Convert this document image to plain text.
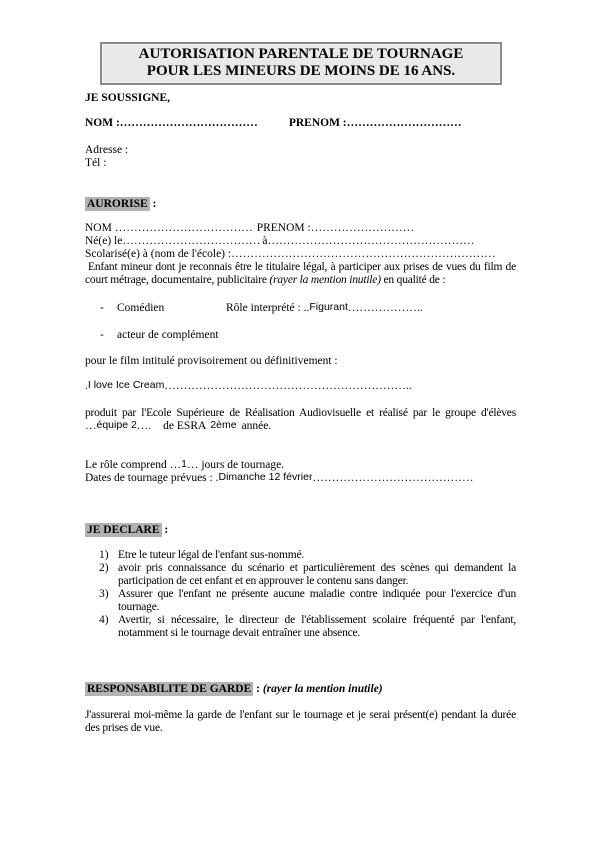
AUTORISATION PARENTALE DE TOURNAGE
POUR LES MINEURS DE MOINS DE 16 ANS.
JE SOUSSIGNE,
NOM :………………………………	PRENOM :…………………………
Adresse :
Tél :
AURORISE :
NOM ……………………………… PRENOM :………………………
Né(e) le……………………………… à………………………………………………
Scolarisé(e) à (nom de l'école) :……………………………………………………………
Enfant mineur dont je reconnais être le titulaire légal, à participer aux prises de vues du film de court métrage, documentaire, publicitaire (rayer la mention inutile) en qualité de :
-	Comédien	Rôle interprété : ..Figurant………………..
-	acteur de complément
pour le film intitulé provisoirement ou définitivement :
.I love Ice Cream………………………………………………………..
produit par l'Ecole Supérieure de Réalisation Audiovisuelle et réalisé par le groupe d'élèves
…équipe 2…. de ESRA 2ème année.
Le rôle comprend …1… jours de tournage.
Dates de tournage prévues : .Dimanche 12 février……………………………………
JE DECLARE :
1) Etre le tuteur légal de l'enfant sus-nommé.
2) avoir pris connaissance du scénario et particulièrement des scènes qui demandent la participation de cet enfant et en approuver le contenu sans danger.
3) Assurer que l'enfant ne présente aucune maladie contre indiquée pour l'exercice d'un tournage.
4) Avertir, si nécessaire, le directeur de l'établissement scolaire fréquenté par l'enfant, notamment si le tournage devait entraîner une absence.
RESPONSABILITE DE GARDE : (rayer la mention inutile)
J'assurerai moi-même la garde de l'enfant sur le tournage et je serai présent(e) pendant la durée des prises de vue.
